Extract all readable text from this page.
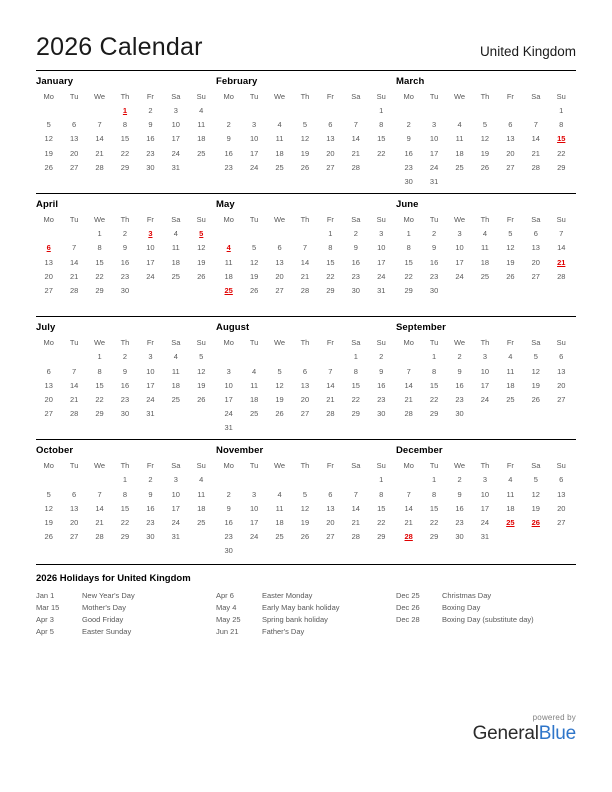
2026 Calendar	United Kingdom
January
Mo	Tu	We	Th	Fr	Sa	Su
			1	2	3	4
5	6	7	8	9	10	11
12	13	14	15	16	17	18
19	20	21	22	23	24	25
26	27	28	29	30	31	

February
Mo	Tu	We	Th	Fr	Sa	Su
						1
2	3	4	5	6	7	8
9	10	11	12	13	14	15
16	17	18	19	20	21	22
23	24	25	26	27	28	

March
Mo	Tu	We	Th	Fr	Sa	Su
						1
2	3	4	5	6	7	8
9	10	11	12	13	14	15
16	17	18	19	20	21	22
23	24	25	26	27	28	29
30	31					
April
Mo	Tu	We	Th	Fr	Sa	Su
		1	2	3	4	5
6	7	8	9	10	11	12
13	14	15	16	17	18	19
20	21	22	23	24	25	26
27	28	29	30			

May
Mo	Tu	We	Th	Fr	Sa	Su
				1	2	3
4	5	6	7	8	9	10
11	12	13	14	15	16	17
18	19	20	21	22	23	24
25	26	27	28	29	30	31

June
Mo	Tu	We	Th	Fr	Sa	Su
1	2	3	4	5	6	7
8	9	10	11	12	13	14
15	16	17	18	19	20	21
22	23	24	25	26	27	28
29	30					

July
Mo	Tu	We	Th	Fr	Sa	Su
		1	2	3	4	5
6	7	8	9	10	11	12
13	14	15	16	17	18	19
20	21	22	23	24	25	26
27	28	29	30	31		

August
Mo	Tu	We	Th	Fr	Sa	Su
					1	2
3	4	5	6	7	8	9
10	11	12	13	14	15	16
17	18	19	20	21	22	23
24	25	26	27	28	29	30
31						
September
Mo	Tu	We	Th	Fr	Sa	Su
	1	2	3	4	5	6
7	8	9	10	11	12	13
14	15	16	17	18	19	20
21	22	23	24	25	26	27
28	29	30				

October
Mo	Tu	We	Th	Fr	Sa	Su
			1	2	3	4
5	6	7	8	9	10	11
12	13	14	15	16	17	18
19	20	21	22	23	24	25
26	27	28	29	30	31	

November
Mo	Tu	We	Th	Fr	Sa	Su
						1
2	3	4	5	6	7	8
9	10	11	12	13	14	15
16	17	18	19	20	21	22
23	24	25	26	27	28	29
30						
December
Mo	Tu	We	Th	Fr	Sa	Su
	1	2	3	4	5	6
7	8	9	10	11	12	13
14	15	16	17	18	19	20
21	22	23	24	25	26	27
28	29	30	31			

2026 Holidays for United Kingdom
Jan 1	New Year's Day
Mar 15	Mother's Day
Apr 3	Good Friday
Apr 5	Easter Sunday
Apr 6	Easter Monday
May 4	Early May bank holiday
May 25	Spring bank holiday
Jun 21	Father's Day
Dec 25	Christmas Day
Dec 26	Boxing Day
Dec 28	Boxing Day (substitute day)
powered by
GeneralBlue
